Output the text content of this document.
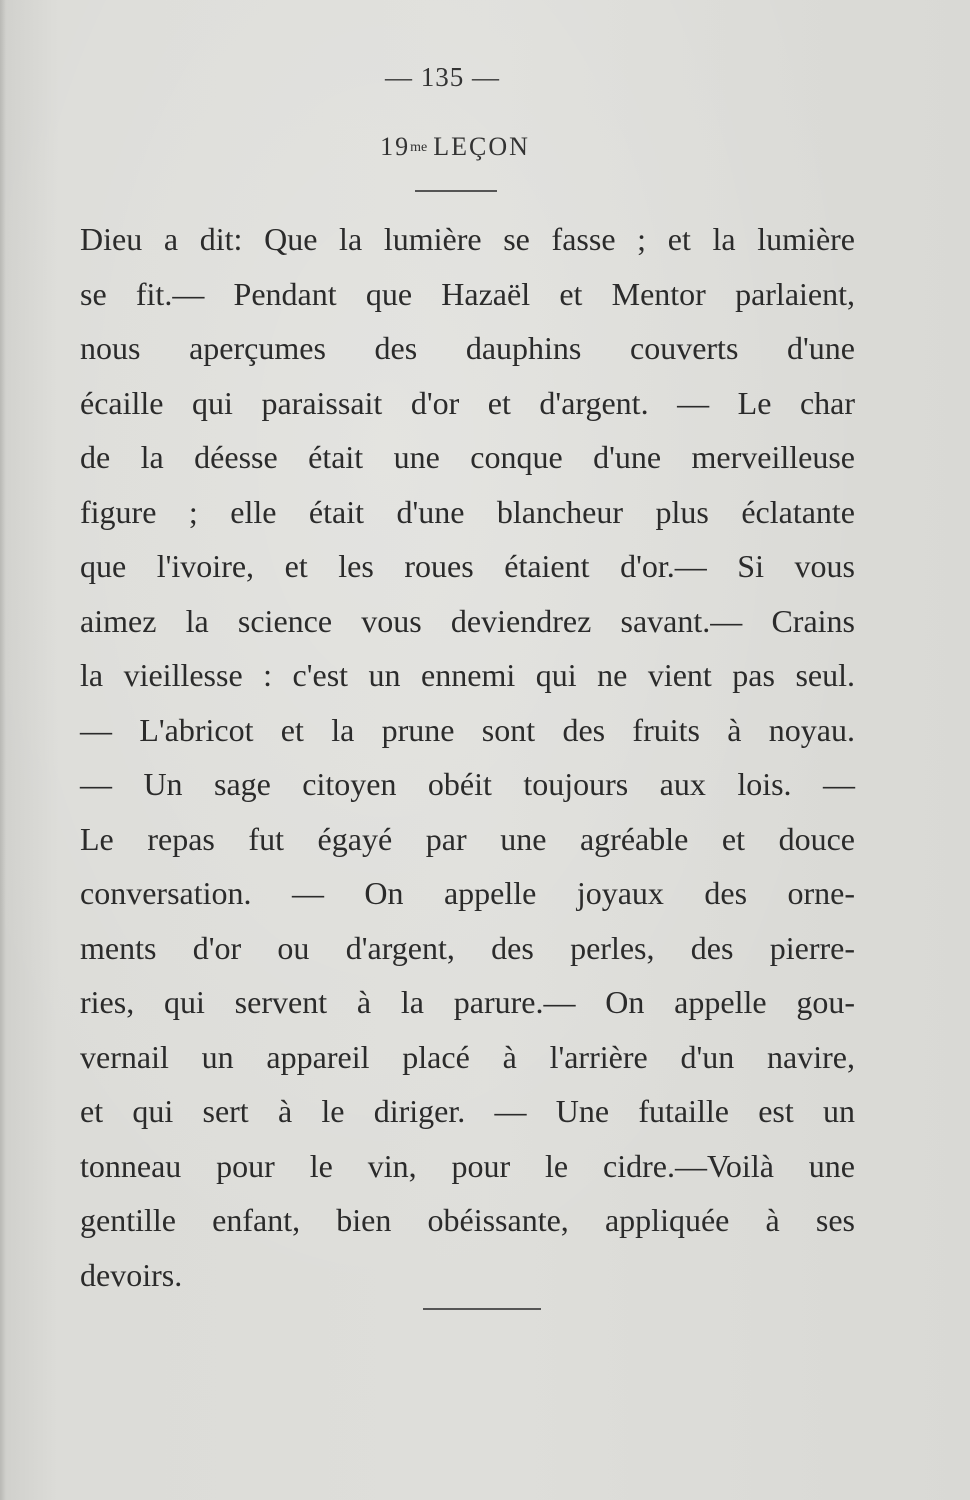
— 135 —
$19^{me}$ LEÇON
Dieu a dit: Que la lumière se fasse ; et la lumière
se fit.— Pendant que Hazaël et Mentor parlaient,
nous aperçumes des dauphins couverts d'une
écaille qui paraissait d'or et d'argent. — Le char
de la déesse était une conque d'une merveilleuse
figure ; elle était d'une blancheur plus éclatante
que l'ivoire, et les roues étaient d'or.— Si vous
aimez la science vous deviendrez savant.— Crains
la vieillesse : c'est un ennemi qui ne vient pas seul.
— L'abricot et la prune sont des fruits à noyau.
— Un sage citoyen obéit toujours aux lois. —
Le repas fut égayé par une agréable et douce
conversation. — On appelle joyaux des orne-
ments d'or ou d'argent, des perles, des pierre-
ries, qui servent à la parure.— On appelle gou-
vernail un appareil placé à l'arrière d'un navire,
et qui sert à le diriger. — Une futaille est un
tonneau pour le vin, pour le cidre.—Voilà une
gentille enfant, bien obéissante, appliquée à ses
devoirs.
